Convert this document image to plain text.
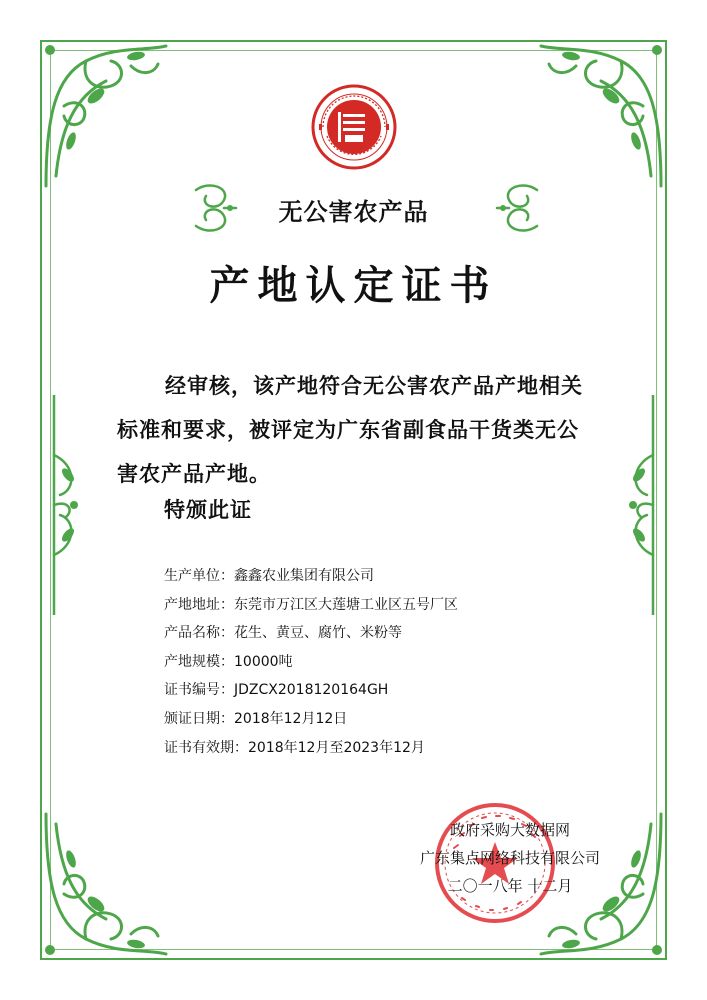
无公害农产品
产地认定证书
经审核，该产地符合无公害农产品产地相关标准和要求，被评定为广东省副食品干货类无公害农产品产地。
特颁此证
生产单位：鑫鑫农业集团有限公司
产地地址：东莞市万江区大莲塘工业区五号厂区
产品名称：花生、黄豆、腐竹、米粉等
产地规模：10000吨
证书编号：JDZCX2018120164GH
颁证日期：2018年12月12日
证书有效期：2018年12月至2023年12月
政府采购大数据网
广东集点网络科技有限公司
二〇一八年 十二月
